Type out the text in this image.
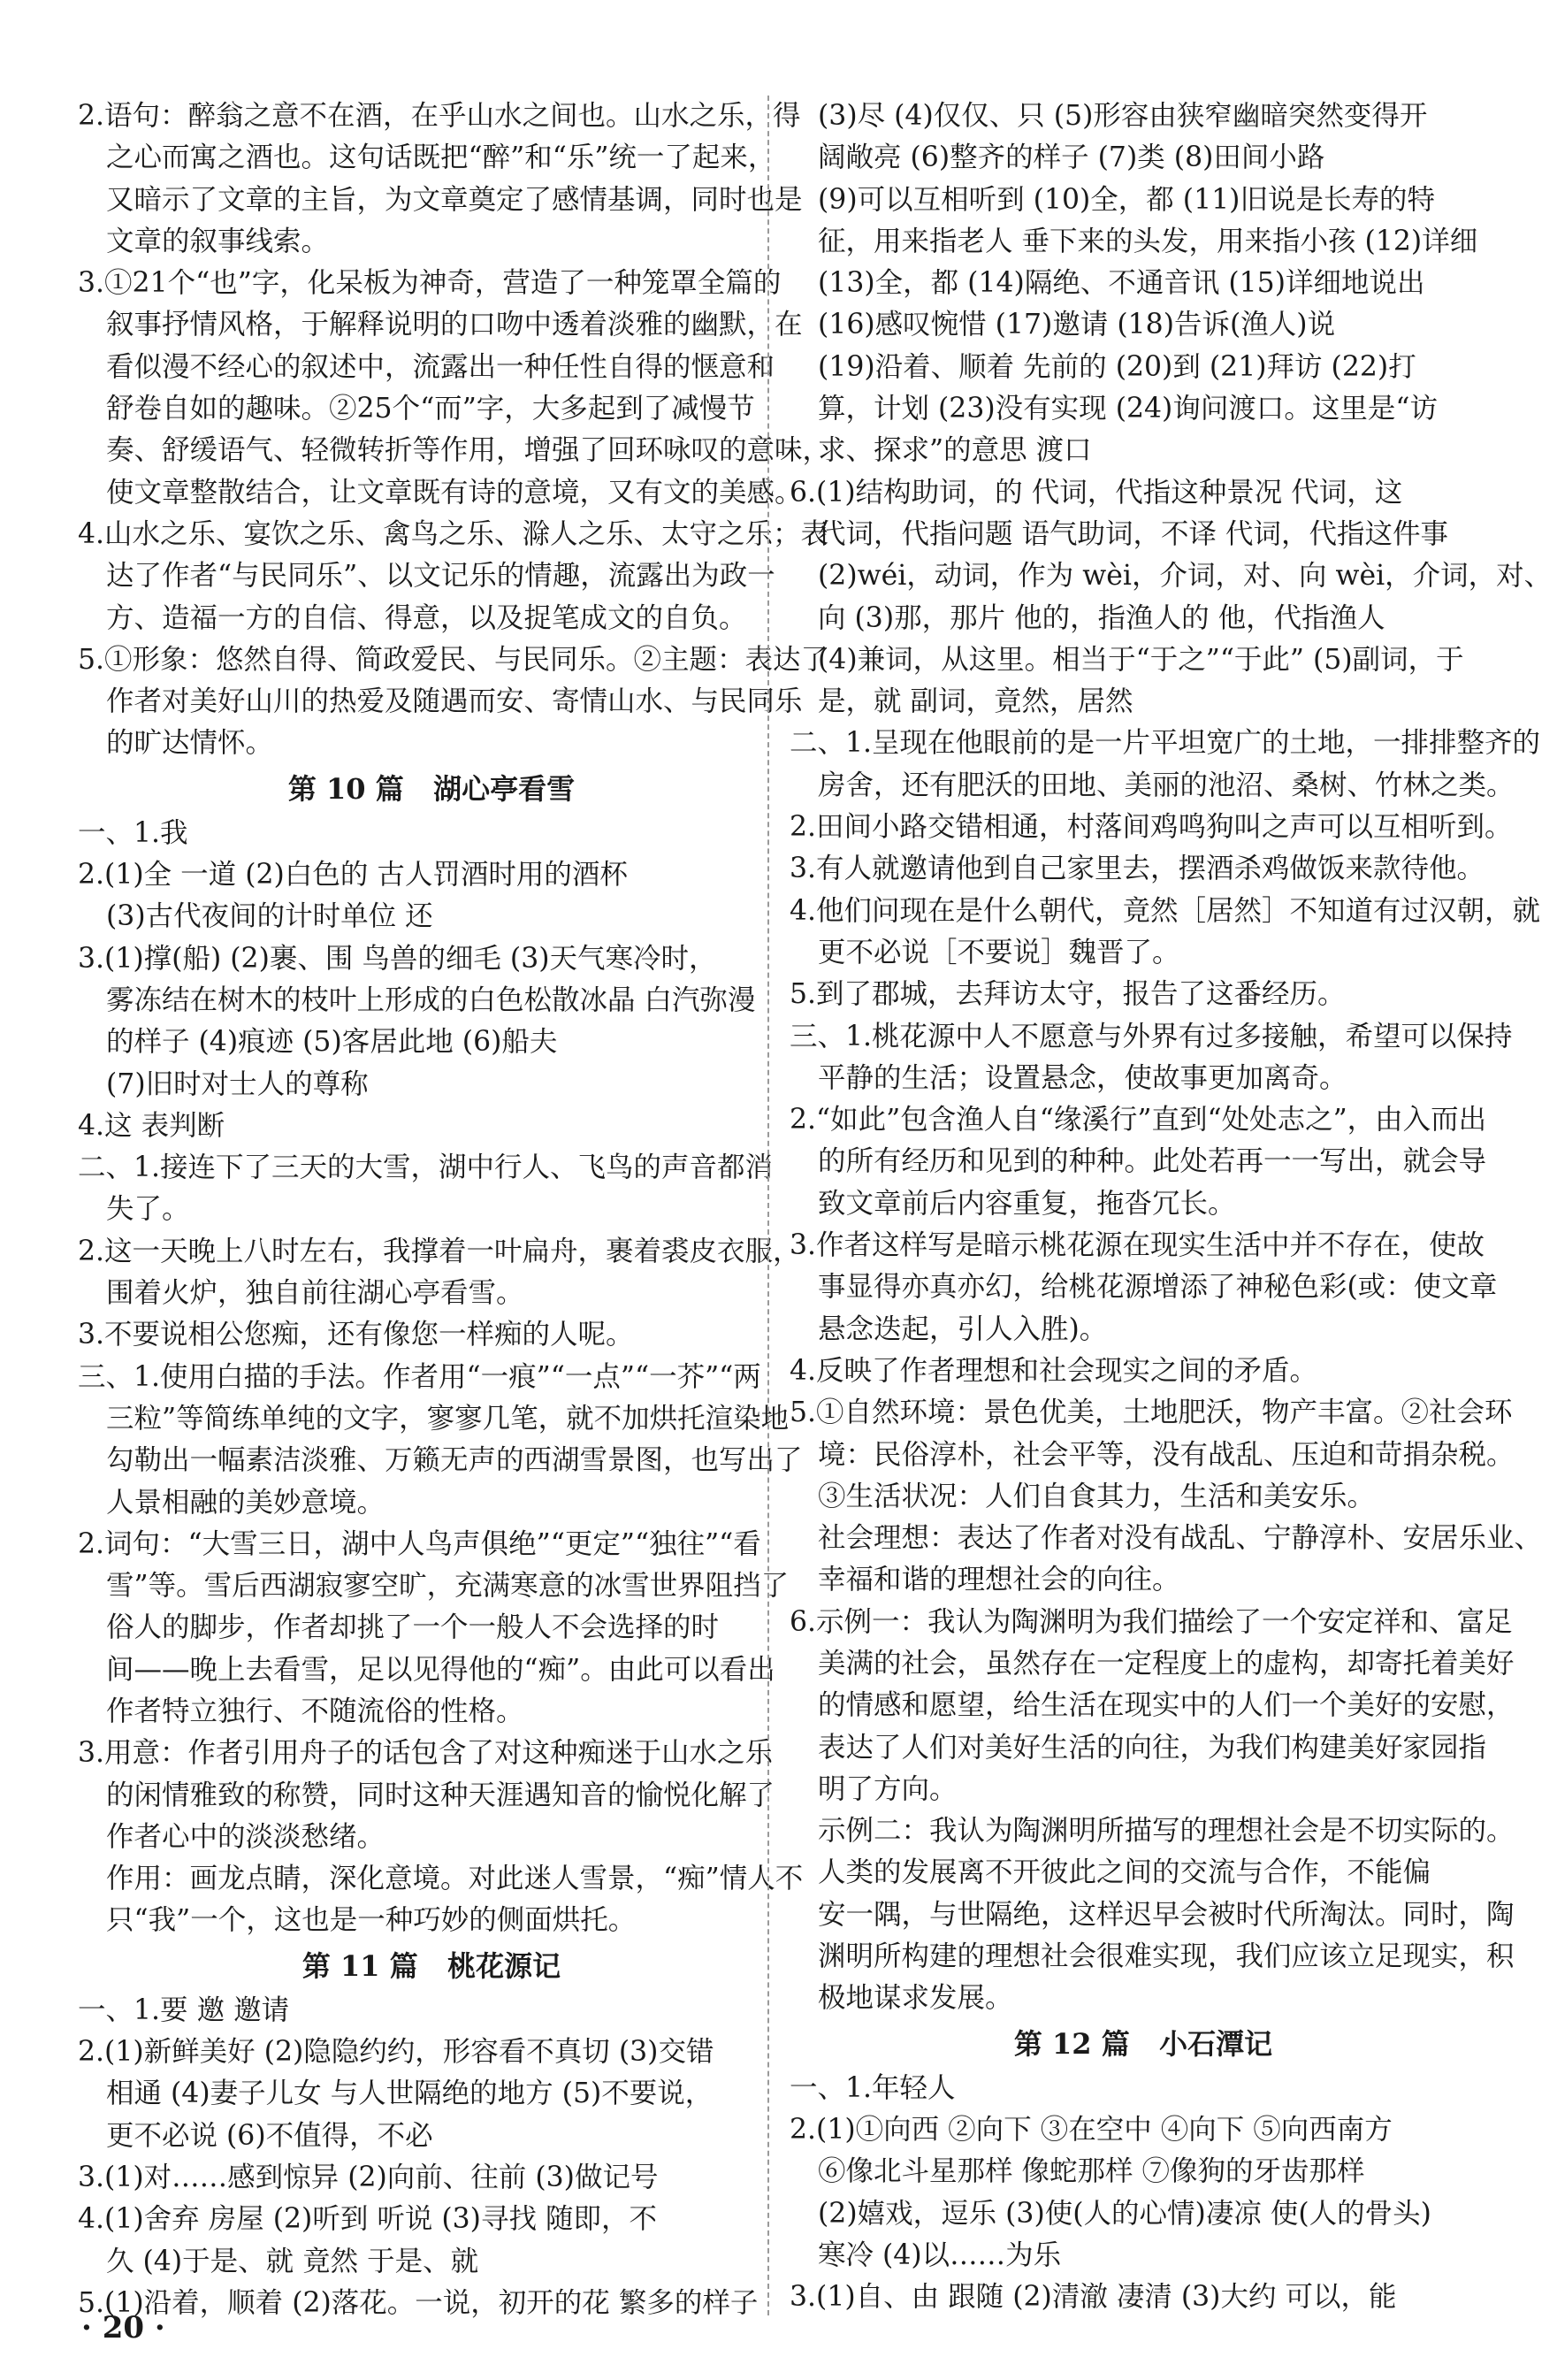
2.语句：醉翁之意不在酒，在乎山水之间也。山水之乐，得
之心而寓之酒也。这句话既把“醉”和“乐”统一了起来，
又暗示了文章的主旨，为文章奠定了感情基调，同时也是
文章的叙事线索。
3.①21个“也”字，化呆板为神奇，营造了一种笼罩全篇的
叙事抒情风格，于解释说明的口吻中透着淡雅的幽默，在
看似漫不经心的叙述中，流露出一种任性自得的惬意和
舒卷自如的趣味。②25个“而”字，大多起到了减慢节
奏、舒缓语气、轻微转折等作用，增强了回环咏叹的意味，
使文章整散结合，让文章既有诗的意境，又有文的美感。
4.山水之乐、宴饮之乐、禽鸟之乐、滁人之乐、太守之乐；表
达了作者“与民同乐”、以文记乐的情趣，流露出为政一
方、造福一方的自信、得意，以及捉笔成文的自负。
5.①形象：悠然自得、简政爱民、与民同乐。②主题：表达了
作者对美好山川的热爱及随遇而安、寄情山水、与民同乐
的旷达情怀。
第 10 篇   湖心亭看雪
一、1.我
2.(1)全 一道 (2)白色的 古人罚酒时用的酒杯
(3)古代夜间的计时单位 还
3.(1)撑(船) (2)裹、围 鸟兽的细毛 (3)天气寒冷时，
雾冻结在树木的枝叶上形成的白色松散冰晶 白汽弥漫
的样子 (4)痕迹 (5)客居此地 (6)船夫
(7)旧时对士人的尊称
4.这 表判断
二、1.接连下了三天的大雪，湖中行人、飞鸟的声音都消
失了。
2.这一天晚上八时左右，我撑着一叶扁舟，裹着裘皮衣服，
围着火炉，独自前往湖心亭看雪。
3.不要说相公您痴，还有像您一样痴的人呢。
三、1.使用白描的手法。作者用“一痕”“一点”“一芥”“两
三粒”等简练单纯的文字，寥寥几笔，就不加烘托渲染地
勾勒出一幅素洁淡雅、万籁无声的西湖雪景图，也写出了
人景相融的美妙意境。
2.词句：“大雪三日，湖中人鸟声俱绝”“更定”“独往”“看
雪”等。雪后西湖寂寥空旷，充满寒意的冰雪世界阻挡了
俗人的脚步，作者却挑了一个一般人不会选择的时
间——晚上去看雪，足以见得他的“痴”。由此可以看出
作者特立独行、不随流俗的性格。
3.用意：作者引用舟子的话包含了对这种痴迷于山水之乐
的闲情雅致的称赞，同时这种天涯遇知音的愉悦化解了
作者心中的淡淡愁绪。
作用：画龙点睛，深化意境。对此迷人雪景，“痴”情人不
只“我”一个，这也是一种巧妙的侧面烘托。
第 11 篇   桃花源记
一、1.要 邀 邀请
2.(1)新鲜美好 (2)隐隐约约，形容看不真切 (3)交错
相通 (4)妻子儿女 与人世隔绝的地方 (5)不要说，
更不必说 (6)不值得，不必
3.(1)对……感到惊异 (2)向前、往前 (3)做记号
4.(1)舍弃 房屋 (2)听到 听说 (3)寻找 随即，不
久 (4)于是、就 竟然 于是、就
5.(1)沿着，顺着 (2)落花。一说，初开的花 繁多的样子
(3)尽 (4)仅仅、只 (5)形容由狭窄幽暗突然变得开
阔敞亮 (6)整齐的样子 (7)类 (8)田间小路
(9)可以互相听到 (10)全，都 (11)旧说是长寿的特
征，用来指老人 垂下来的头发，用来指小孩 (12)详细
(13)全，都 (14)隔绝、不通音讯 (15)详细地说出
(16)感叹惋惜 (17)邀请 (18)告诉(渔人)说
(19)沿着、顺着 先前的 (20)到 (21)拜访 (22)打
算，计划 (23)没有实现 (24)询问渡口。这里是“访
求、探求”的意思 渡口
6.(1)结构助词，的 代词，代指这种景况 代词，这
代词，代指问题 语气助词，不译 代词，代指这件事
(2)wéi，动词，作为 wèi，介词，对、向 wèi，介词，对、
向 (3)那，那片 他的，指渔人的 他，代指渔人
(4)兼词，从这里。相当于“于之”“于此” (5)副词，于
是，就 副词，竟然，居然
二、1.呈现在他眼前的是一片平坦宽广的土地，一排排整齐的
房舍，还有肥沃的田地、美丽的池沼、桑树、竹林之类。
2.田间小路交错相通，村落间鸡鸣狗叫之声可以互相听到。
3.有人就邀请他到自己家里去，摆酒杀鸡做饭来款待他。
4.他们问现在是什么朝代，竟然［居然］不知道有过汉朝，就
更不必说［不要说］魏晋了。
5.到了郡城，去拜访太守，报告了这番经历。
三、1.桃花源中人不愿意与外界有过多接触，希望可以保持
平静的生活；设置悬念，使故事更加离奇。
2.“如此”包含渔人自“缘溪行”直到“处处志之”，由入而出
的所有经历和见到的种种。此处若再一一写出，就会导
致文章前后内容重复，拖沓冗长。
3.作者这样写是暗示桃花源在现实生活中并不存在，使故
事显得亦真亦幻，给桃花源增添了神秘色彩(或：使文章
悬念迭起，引人入胜)。
4.反映了作者理想和社会现实之间的矛盾。
5.①自然环境：景色优美，土地肥沃，物产丰富。②社会环
境：民俗淳朴，社会平等，没有战乱、压迫和苛捐杂税。
③生活状况：人们自食其力，生活和美安乐。
社会理想：表达了作者对没有战乱、宁静淳朴、安居乐业、
幸福和谐的理想社会的向往。
6.示例一：我认为陶渊明为我们描绘了一个安定祥和、富足
美满的社会，虽然存在一定程度上的虚构，却寄托着美好
的情感和愿望，给生活在现实中的人们一个美好的安慰，
表达了人们对美好生活的向往，为我们构建美好家园指
明了方向。
示例二：我认为陶渊明所描写的理想社会是不切实际的。
人类的发展离不开彼此之间的交流与合作，不能偏
安一隅，与世隔绝，这样迟早会被时代所淘汰。同时，陶
渊明所构建的理想社会很难实现，我们应该立足现实，积
极地谋求发展。
第 12 篇   小石潭记
一、1.年轻人
2.(1)①向西 ②向下 ③在空中 ④向下 ⑤向西南方
⑥像北斗星那样 像蛇那样 ⑦像狗的牙齿那样
(2)嬉戏，逗乐 (3)使(人的心情)凄凉 使(人的骨头)
寒冷 (4)以……为乐
3.(1)自、由 跟随 (2)清澈 凄清 (3)大约 可以，能
· 20 ·
